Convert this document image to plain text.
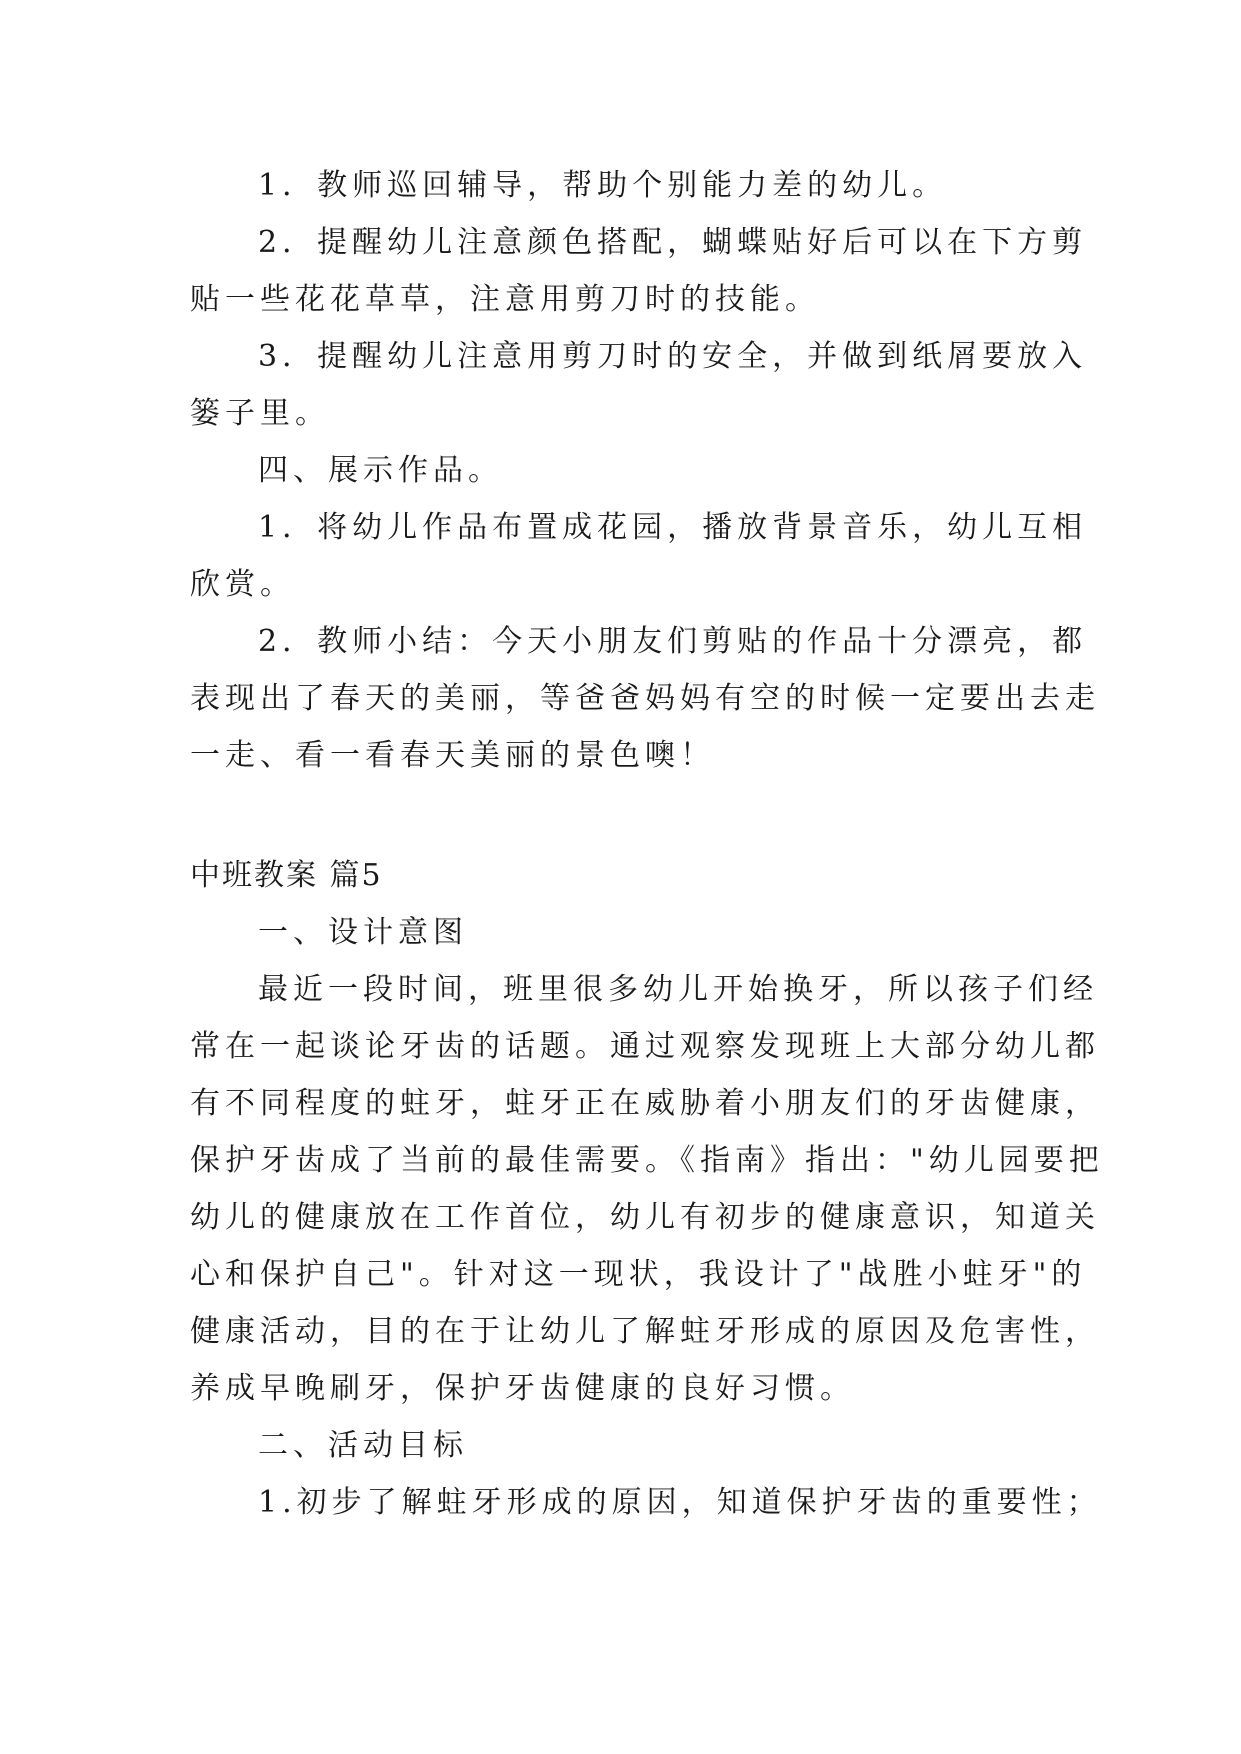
1．教师巡回辅导，帮助个别能力差的幼儿。
2．提醒幼儿注意颜色搭配，蝴蝶贴好后可以在下方剪
贴一些花花草草，注意用剪刀时的技能。
3．提醒幼儿注意用剪刀时的安全，并做到纸屑要放入
篓子里。
四、展示作品。
1．将幼儿作品布置成花园，播放背景音乐，幼儿互相
欣赏。
2．教师小结：今天小朋友们剪贴的作品十分漂亮，都
表现出了春天的美丽，等爸爸妈妈有空的时候一定要出去走
一走、看一看春天美丽的景色噢！
中班教案 篇5
一、设计意图
最近一段时间，班里很多幼儿开始换牙，所以孩子们经
常在一起谈论牙齿的话题。通过观察发现班上大部分幼儿都
有不同程度的蛀牙，蛀牙正在威胁着小朋友们的牙齿健康，
保护牙齿成了当前的最佳需要。《指南》指出："幼儿园要把
幼儿的健康放在工作首位，幼儿有初步的健康意识，知道关
心和保护自己"。针对这一现状，我设计了"战胜小蛀牙"的
健康活动，目的在于让幼儿了解蛀牙形成的原因及危害性，
养成早晚刷牙，保护牙齿健康的良好习惯。
二、活动目标
1.初步了解蛀牙形成的原因，知道保护牙齿的重要性；
